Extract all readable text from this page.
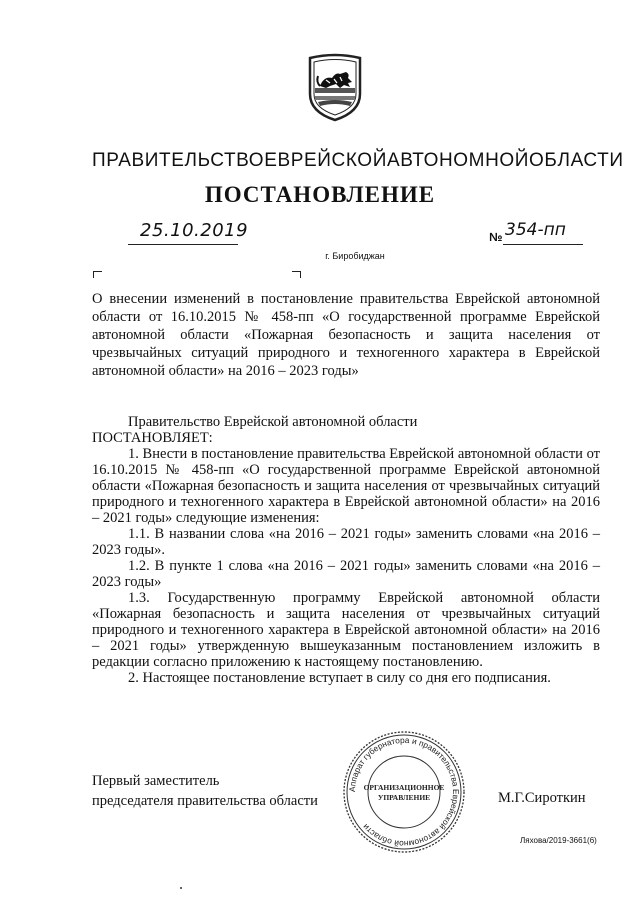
ПРАВИТЕЛЬСТВО ЕВРЕЙСКОЙ АВТОНОМНОЙ ОБЛАСТИ
ПОСТАНОВЛЕНИЕ
25.10.2019	№ 354-пп
г. Биробиджан
О внесении изменений в постановление правительства Еврейской автономной области от 16.10.2015 № 458-пп «О государственной программе Еврейской автономной области «Пожарная безопасность и защита населения от чрезвычайных ситуаций природного и техногенного характера в Еврейской автономной области» на 2016 – 2023 годы»

Правительство Еврейской автономной области

ПОСТАНОВЛЯЕТ:

1. Внести в постановление правительства Еврейской автономной области от 16.10.2015 № 458-пп «О государственной программе Еврейской автономной области «Пожарная безопасность и защита населения от чрезвычайных ситуаций природного и техногенного характера в Еврейской автономной области» на 2016 – 2021 годы» следующие изменения:

1.1. В названии слова «на 2016 – 2021 годы» заменить словами «на 2016 – 2023 годы».

1.2. В пункте 1 слова «на 2016 – 2021 годы» заменить словами «на 2016 – 2023 годы»

1.3. Государственную программу Еврейской автономной области «Пожарная безопасность и защита населения от чрезвычайных ситуаций природного и техногенного характера в Еврейской автономной области» на 2016 – 2021 годы» утвержденную вышеуказанным постановлением изложить в редакции согласно приложению к настоящему постановлению.

2. Настоящее постановление вступает в силу со дня его подписания.

Первый заместитель
председателя правительства области
Аппарат губернатора и правительства Еврейской автономной области
ОРГАНИЗАЦИОННОЕ
УПРАВЛЕНИЕ	М.Г.Сироткин
Ляхова/2019-3661(6)
